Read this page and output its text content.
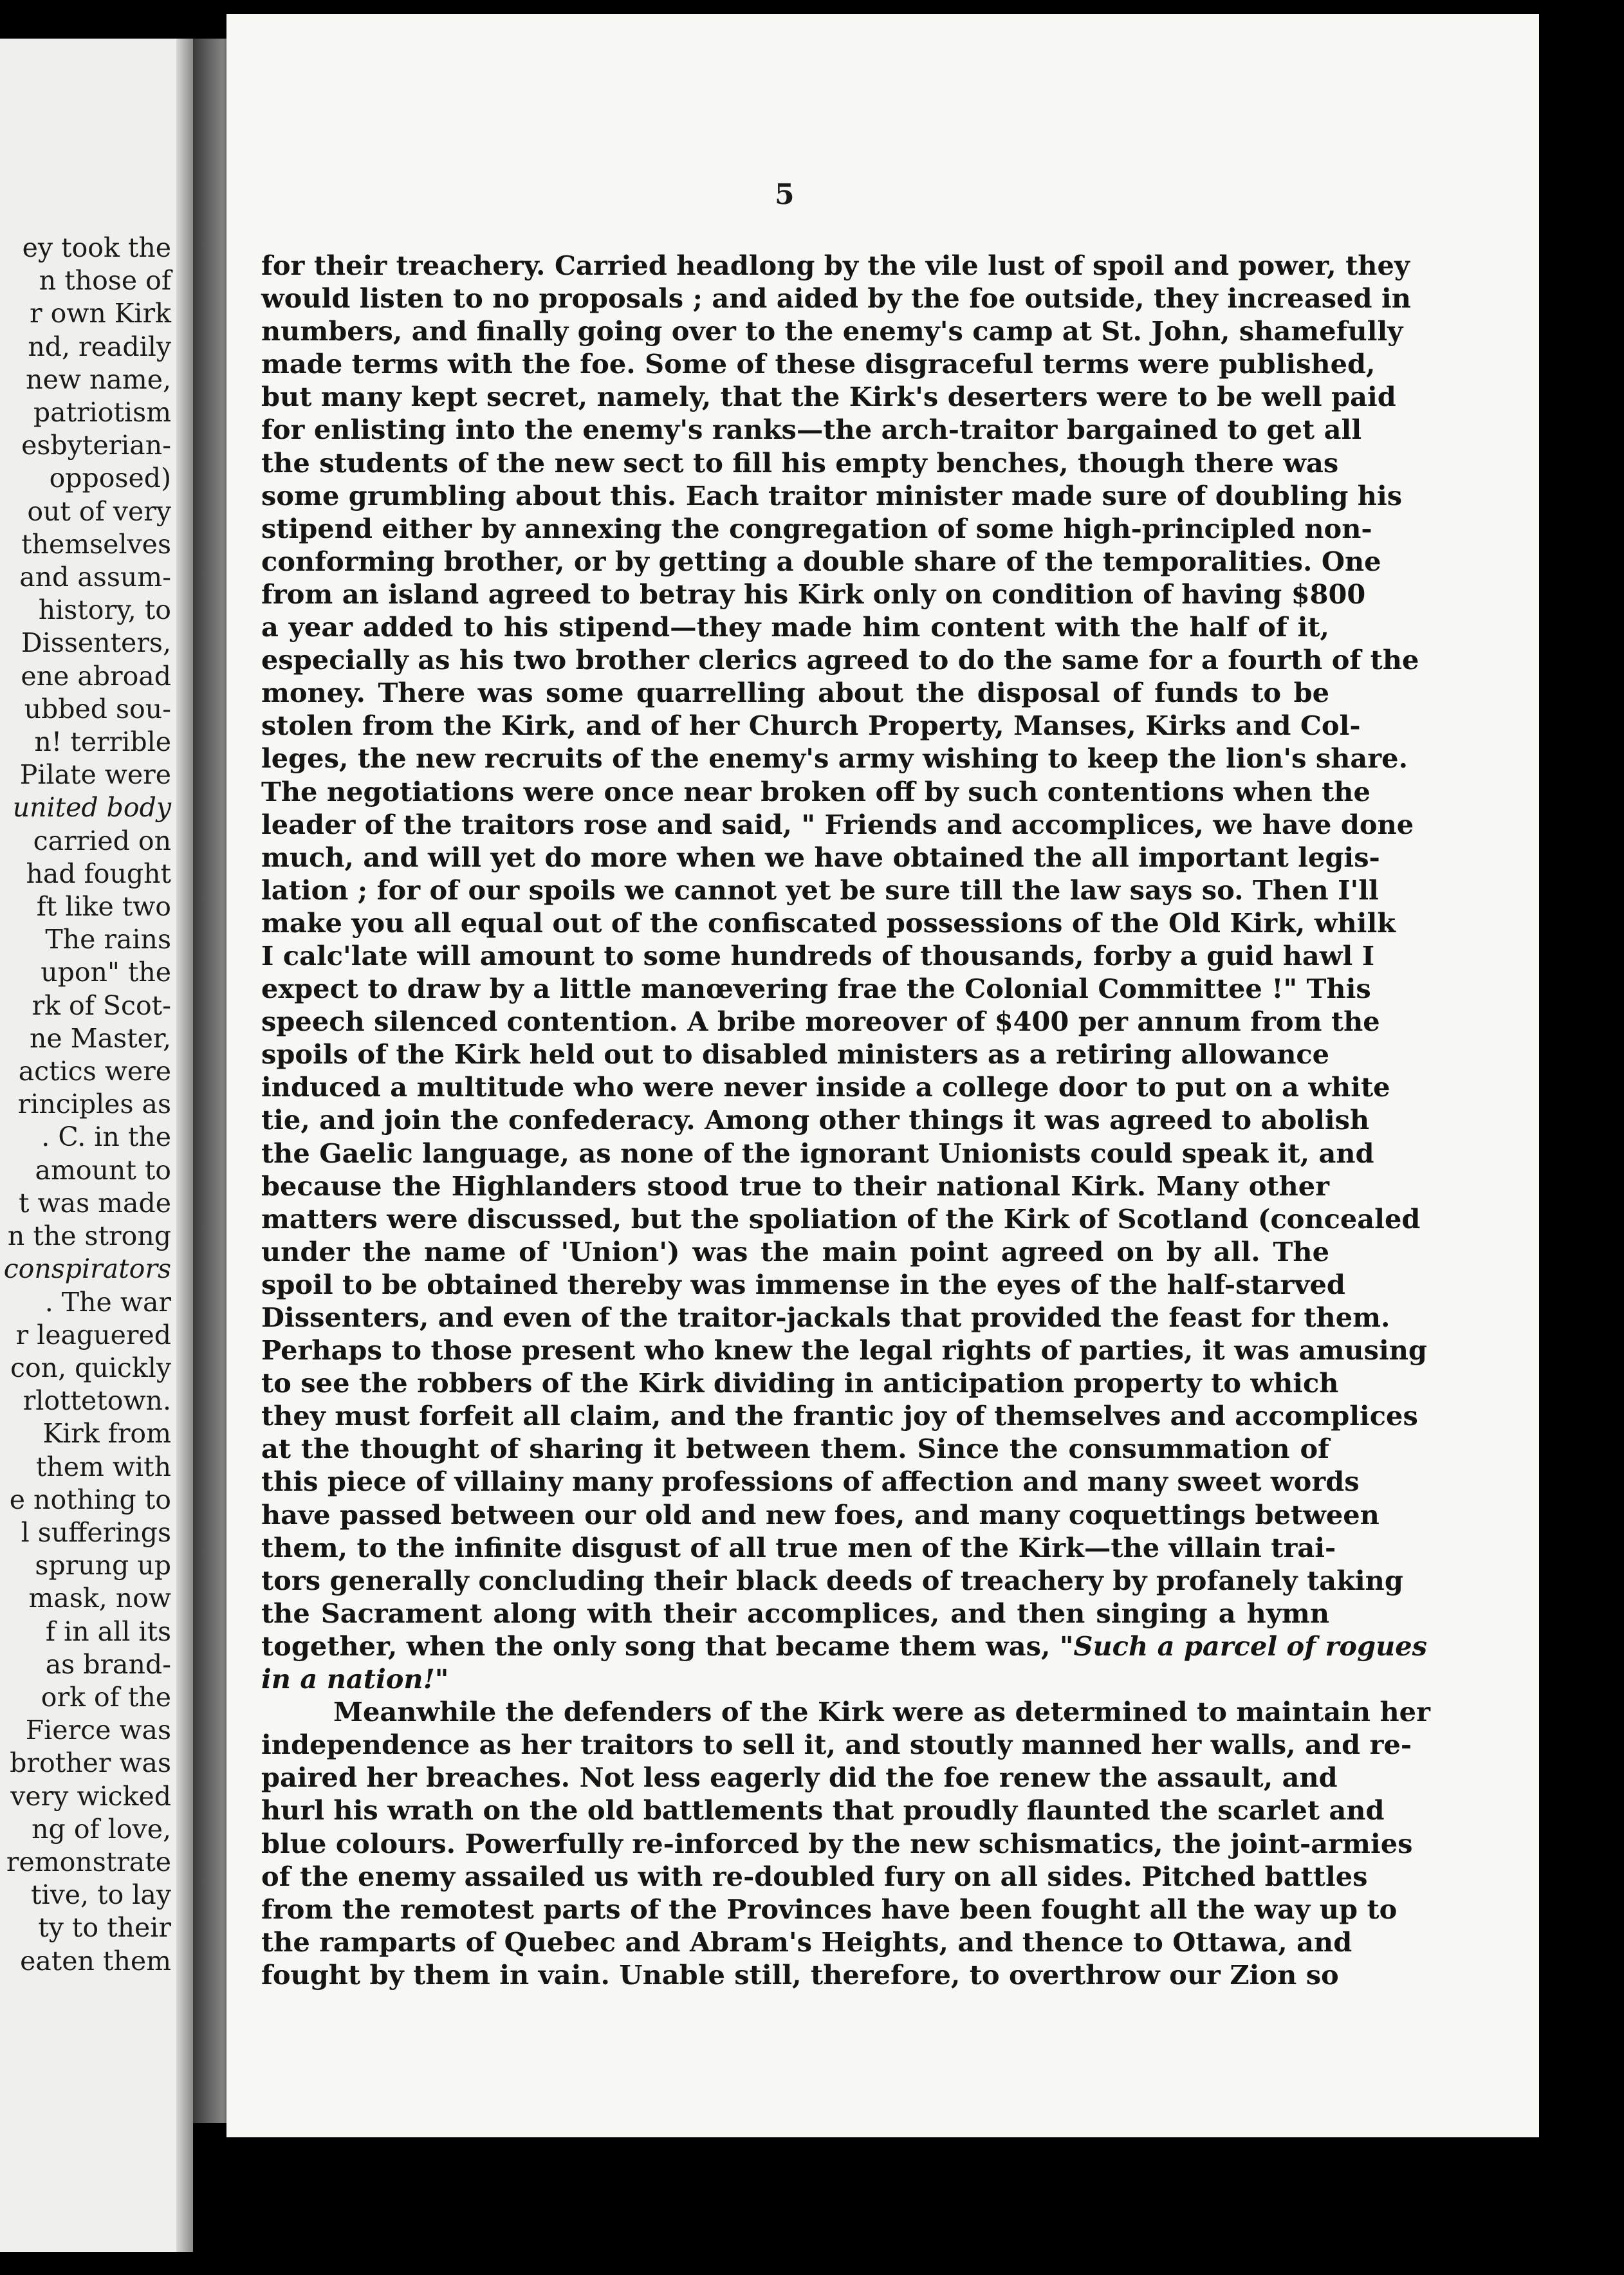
ey took the
n those of
r own Kirk
nd, readily
new name,
patriotism
esbyterian-
opposed)
out of very
themselves
and assum-
history, to
Dissenters,
ene abroad
ubbed sou-
n! terrible
Pilate were
united body
carried on
had fought
ft like two
The rains
upon" the
rk of Scot-
ne Master,
actics were
rinciples as
. C. in the
amount to
t was made
n the strong
conspirators
. The war
r leaguered
con, quickly
rlottetown.
Kirk from
them with
e nothing to
l sufferings
sprung up
mask, now
f in all its
as brand-
ork of the
Fierce was
brother was
very wicked
ng of love,
remonstrate
tive, to lay
ty to their
eaten them
5
for their treachery. Carried headlong by the vile lust of spoil and power, they
would listen to no proposals ; and aided by the foe outside, they increased in
numbers, and finally going over to the enemy's camp at St. John, shamefully
made terms with the foe. Some of these disgraceful terms were published,
but many kept secret, namely, that the Kirk's deserters were to be well paid
for enlisting into the enemy's ranks—the arch-traitor bargained to get all
the students of the new sect to fill his empty benches, though there was
some grumbling about this. Each traitor minister made sure of doubling his
stipend either by annexing the congregation of some high-principled non-
conforming brother, or by getting a double share of the temporalities. One
from an island agreed to betray his Kirk only on condition of having $800
a year added to his stipend—they made him content with the half of it,
especially as his two brother clerics agreed to do the same for a fourth of the
money. There was some quarrelling about the disposal of funds to be
stolen from the Kirk, and of her Church Property, Manses, Kirks and Col-
leges, the new recruits of the enemy's army wishing to keep the lion's share.
The negotiations were once near broken off by such contentions when the
leader of the traitors rose and said, " Friends and accomplices, we have done
much, and will yet do more when we have obtained the all important legis-
lation ; for of our spoils we cannot yet be sure till the law says so. Then I'll
make you all equal out of the confiscated possessions of the Old Kirk, whilk
I calc'late will amount to some hundreds of thousands, forby a guid hawl I
expect to draw by a little manœvering frae the Colonial Committee !" This
speech silenced contention. A bribe moreover of $400 per annum from the
spoils of the Kirk held out to disabled ministers as a retiring allowance
induced a multitude who were never inside a college door to put on a white
tie, and join the confederacy. Among other things it was agreed to abolish
the Gaelic language, as none of the ignorant Unionists could speak it, and
because the Highlanders stood true to their national Kirk. Many other
matters were discussed, but the spoliation of the Kirk of Scotland (concealed
under the name of 'Union') was the main point agreed on by all. The
spoil to be obtained thereby was immense in the eyes of the half-starved
Dissenters, and even of the traitor-jackals that provided the feast for them.
Perhaps to those present who knew the legal rights of parties, it was amusing
to see the robbers of the Kirk dividing in anticipation property to which
they must forfeit all claim, and the frantic joy of themselves and accomplices
at the thought of sharing it between them. Since the consummation of
this piece of villainy many professions of affection and many sweet words
have passed between our old and new foes, and many coquettings between
them, to the infinite disgust of all true men of the Kirk—the villain trai-
tors generally concluding their black deeds of treachery by profanely taking
the Sacrament along with their accomplices, and then singing a hymn
together, when the only song that became them was, "Such a parcel of rogues
in a nation!"
Meanwhile the defenders of the Kirk were as determined to maintain her
independence as her traitors to sell it, and stoutly manned her walls, and re-
paired her breaches. Not less eagerly did the foe renew the assault, and
hurl his wrath on the old battlements that proudly flaunted the scarlet and
blue colours. Powerfully re-inforced by the new schismatics, the joint-armies
of the enemy assailed us with re-doubled fury on all sides. Pitched battles
from the remotest parts of the Provinces have been fought all the way up to
the ramparts of Quebec and Abram's Heights, and thence to Ottawa, and
fought by them in vain. Unable still, therefore, to overthrow our Zion so
